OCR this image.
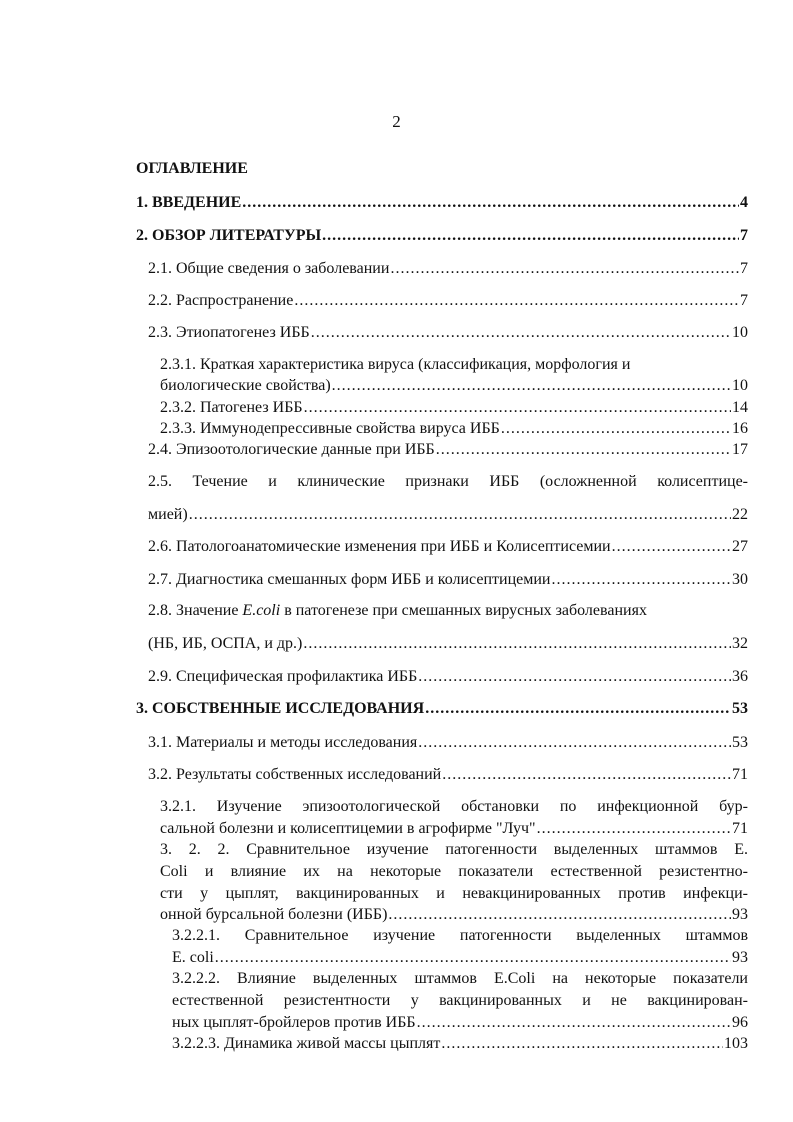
2
ОГЛАВЛЕНИЕ
1. ВВЕДЕНИЕ .....	4
2. ОБЗОР ЛИТЕРАТУРЫ .....	7
2.1. Общие сведения о заболевании .....	7
2.2. Распространение .....	7
2.3. Этиопатогенез ИББ .....	10
2.3.1. Краткая характеристика вируса (классификация, морфология и
биологические свойства) .....	10
2.3.2. Патогенез ИББ .....	14
2.3.3. Иммунодепрессивные свойства вируса ИББ .....	16
2.4. Эпизоотологические данные при ИББ .....	17
2.5. Течение и клинические признаки ИББ (осложненной колисептице-
мией) .....	22
2.6. Патологоанатомические изменения при ИББ и Колисептисемии .....	27
2.7. Диагностика смешанных форм ИББ и колисептицемии .....	30
2.8. Значение E.coli в патогенезе при смешанных вирусных заболеваниях
(НБ, ИБ, ОСПА, и др.) .....	32
2.9. Специфическая профилактика ИББ .....	36
3. СОБСТВЕННЫЕ ИССЛЕДОВАНИЯ .....	53
3.1. Материалы и методы исследования .....	53
3.2. Результаты собственных исследований .....	71
3.2.1. Изучение эпизоотологической обстановки по инфекционной бур-
сальной болезни и колисептицемии в агрофирме "Луч" .....	71
3. 2. 2. Сравнительное изучение патогенности выделенных штаммов Е.
Coli и влияние их на некоторые показатели естественной резистентно-
сти у цыплят, вакцинированных и невакцинированных против инфекци-
онной бурсальной болезни (ИББ) .....	93
3.2.2.1. Сравнительное изучение патогенности выделенных штаммов
E. coli .....	93
3.2.2.2. Влияние выделенных штаммов E.Coli на некоторые показатели
естественной резистентности у вакцинированных и не вакцинирован-
ных цыплят-бройлеров против ИББ .....	96
3.2.2.3. Динамика живой массы цыплят .....	103
